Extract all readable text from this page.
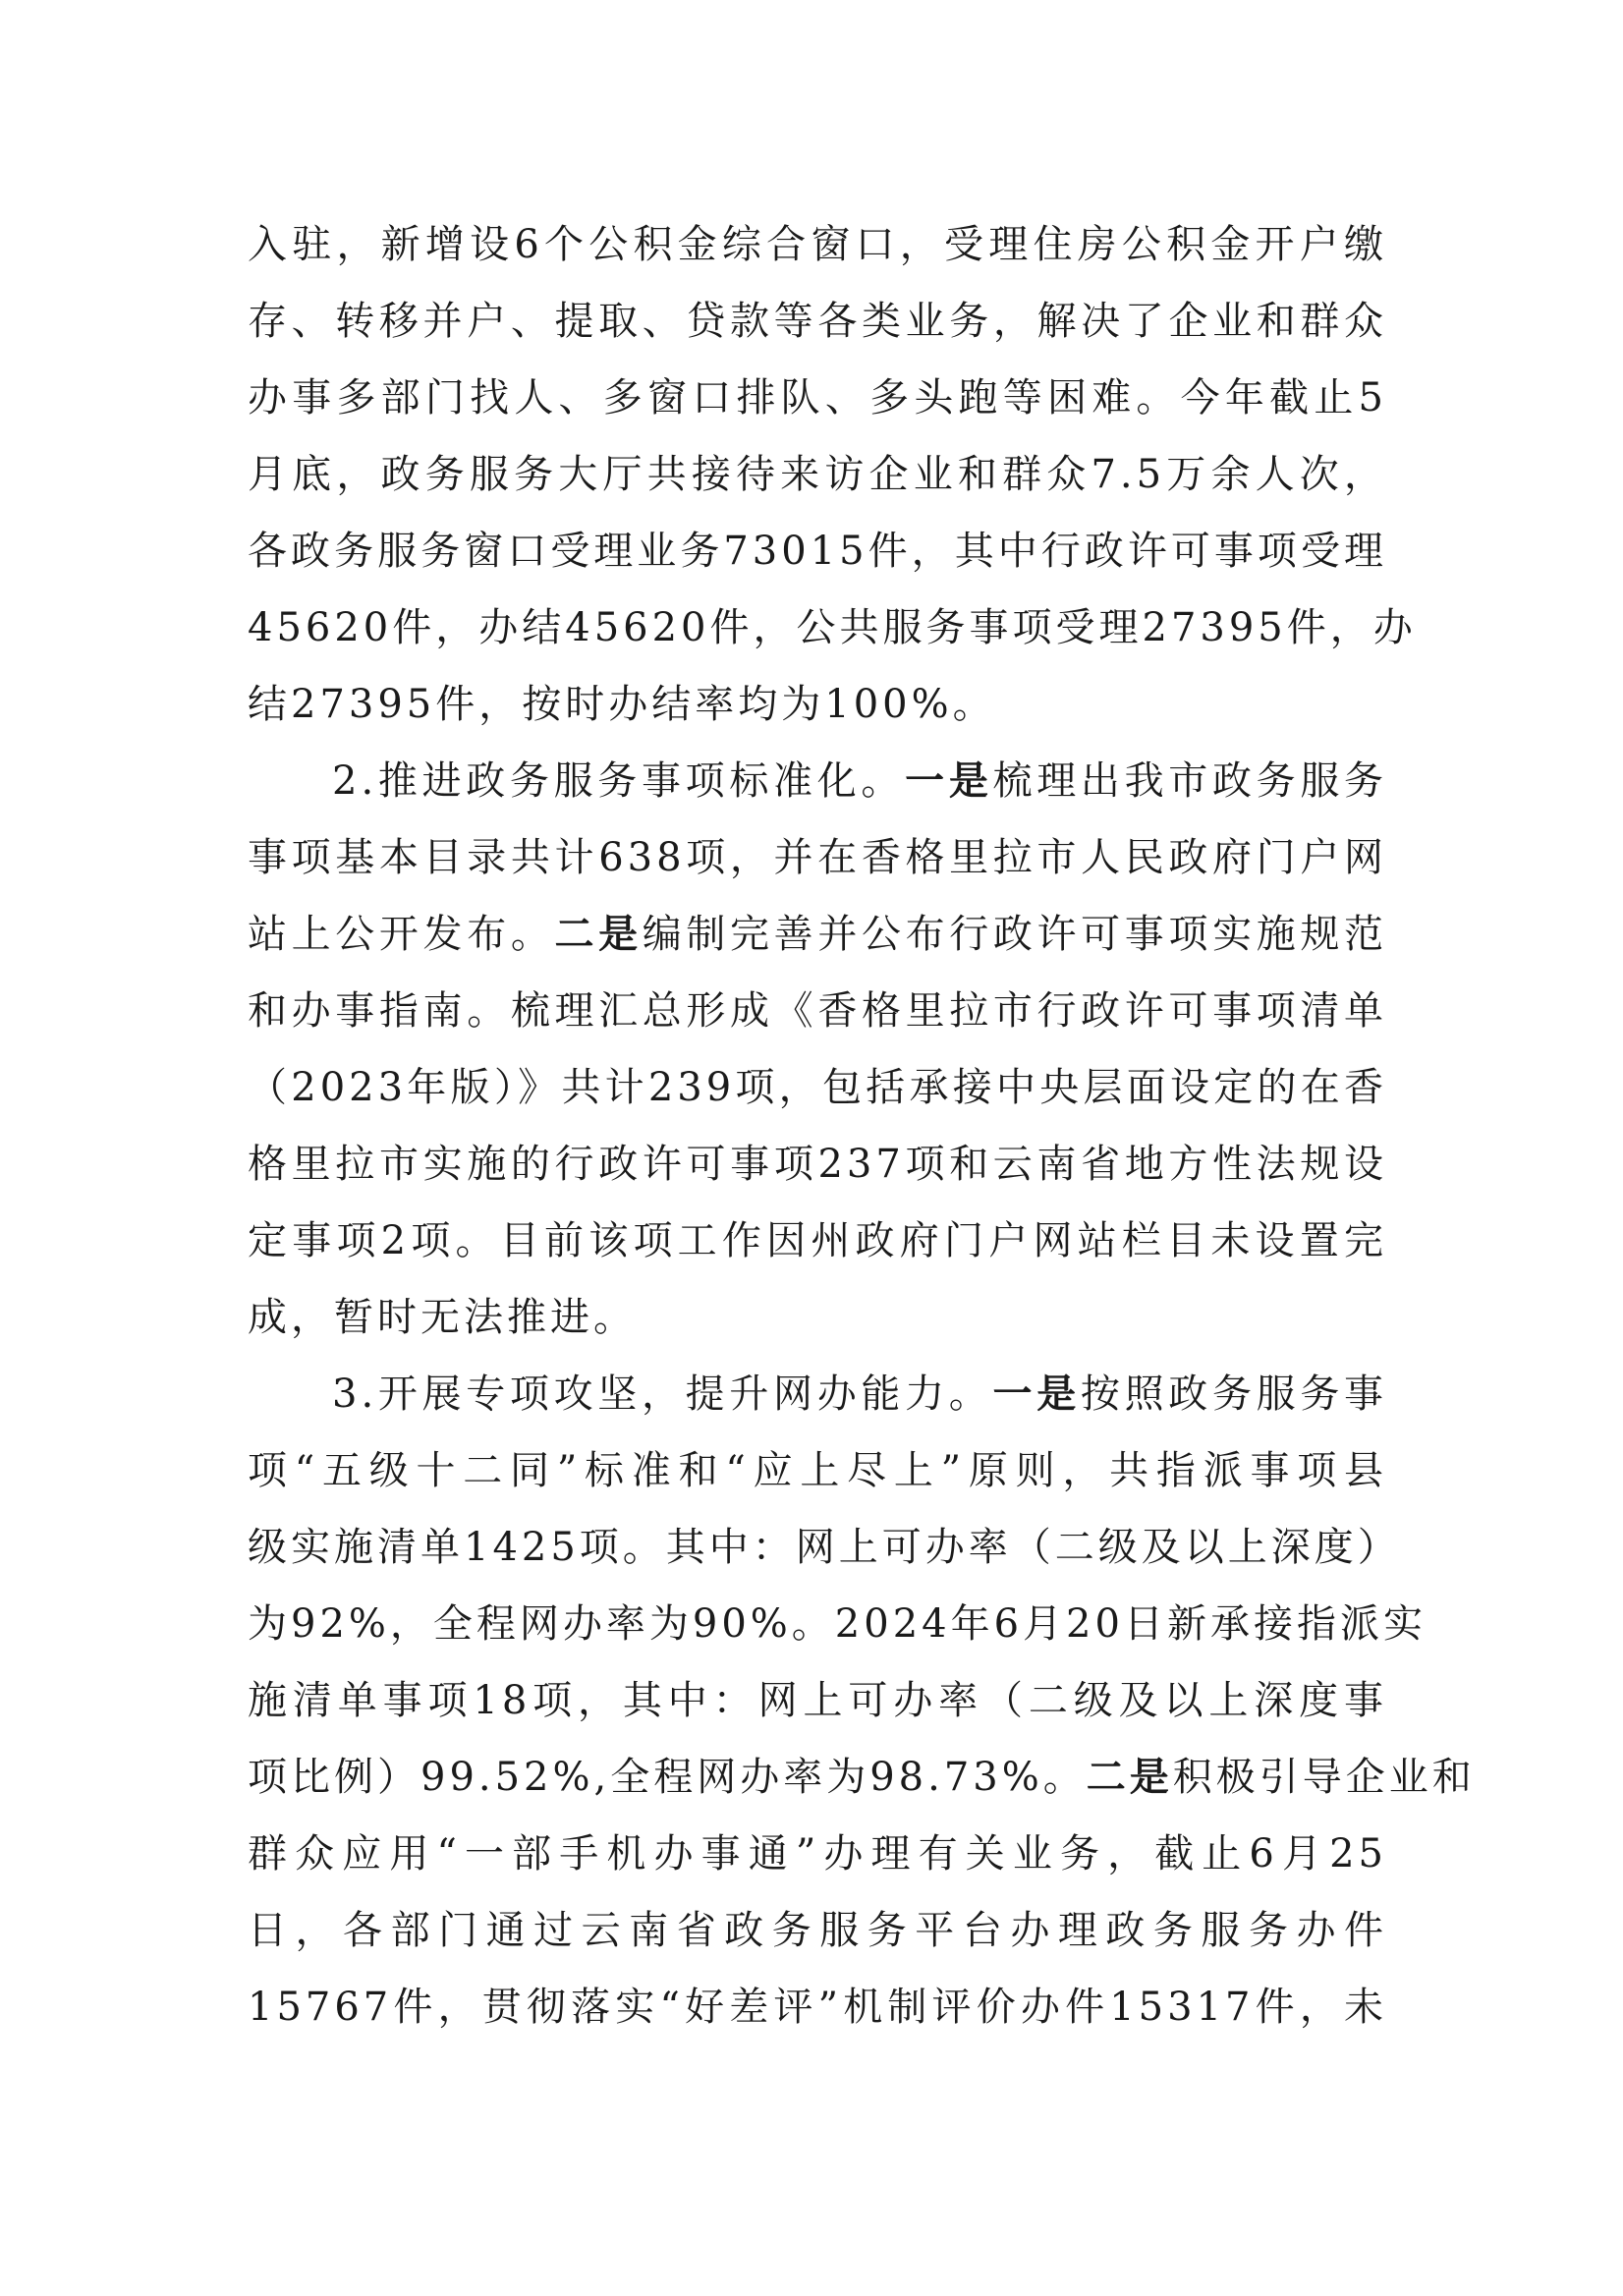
入驻，新增设6个公积金综合窗口，受理住房公积金开户缴
存、转移并户、提取、贷款等各类业务，解决了企业和群众
办事多部门找人、多窗口排队、多头跑等困难。今年截止5
月底，政务服务大厅共接待来访企业和群众7.5万余人次，
各政务服务窗口受理业务73015件，其中行政许可事项受理
45620件，办结45620件，公共服务事项受理27395件，办
结27395件，按时办结率均为100%。
2.推进政务服务事项标准化。一是梳理出我市政务服务
事项基本目录共计638项，并在香格里拉市人民政府门户网
站上公开发布。二是编制完善并公布行政许可事项实施规范
和办事指南。梳理汇总形成《香格里拉市行政许可事项清单
（2023年版）》共计239项，包括承接中央层面设定的在香
格里拉市实施的行政许可事项237项和云南省地方性法规设
定事项2项。目前该项工作因州政府门户网站栏目未设置完
成，暂时无法推进。
3.开展专项攻坚，提升网办能力。一是按照政务服务事
项“五级十二同”标准和“应上尽上”原则，共指派事项县
级实施清单1425项。其中：网上可办率（二级及以上深度）
为92%，全程网办率为90%。2024年6月20日新承接指派实
施清单事项18项，其中：网上可办率（二级及以上深度事
项比例）99.52%,全程网办率为98.73%。二是积极引导企业和
群众应用“一部手机办事通”办理有关业务，截止6月25
日，各部门通过云南省政务服务平台办理政务服务办件
15767件，贯彻落实“好差评”机制评价办件15317件，未
